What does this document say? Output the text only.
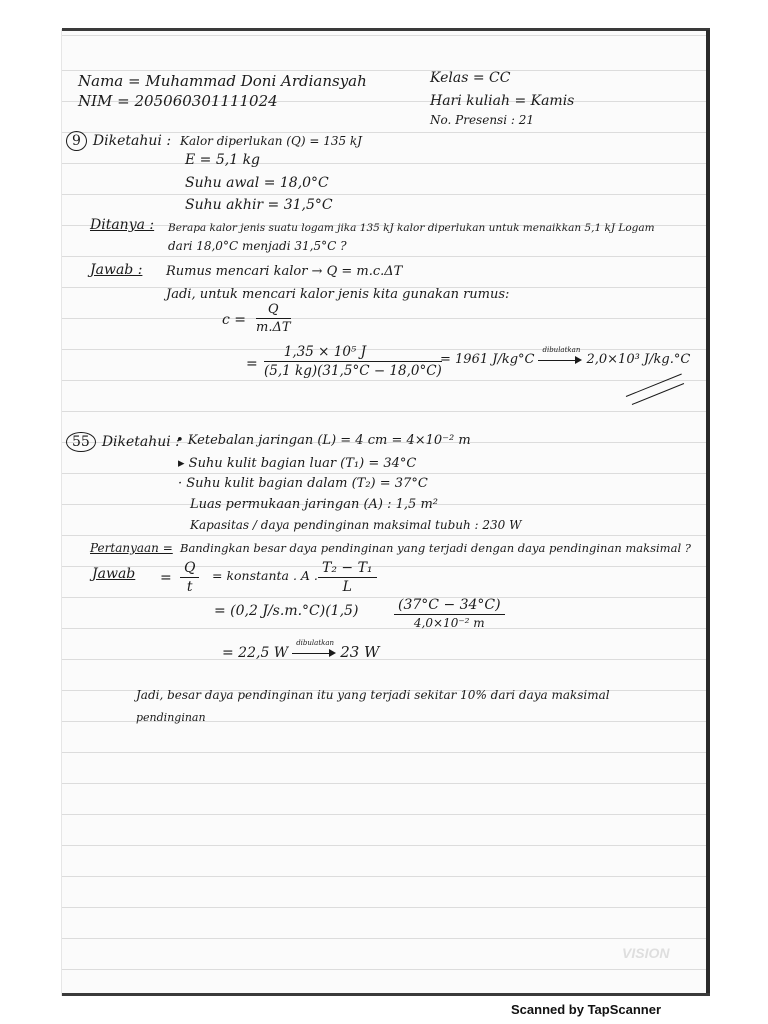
Nama = Muhammad Doni Ardiansyah
NIM = 205060301111024
Kelas = CC
Hari kuliah = Kamis
No. Presensi : 21
9 Diketahui : Kalor diperlukan (Q) = 135 kJ
E = 5,1 kg
Suhu awal = 18,0°C
Suhu akhir = 31,5°C
Ditanya : Berapa kalor jenis suatu logam jika 135 kJ kalor diperlukan untuk menaikkan 5,1 kJ Logam
dari 18,0°C menjadi 31,5°C ?
Jawab : Rumus mencari kalor → Q = m.c.ΔT
Jadi, untuk mencari kalor jenis kita gunakan rumus:
$c = \frac{Q}{m.\Delta T}$
= $\frac{\text{1,35 × 10⁵ J}}{(5,1 kg)(31,5^\circ C - 18,0^\circ C)}$
= 1961 J/kg°C
dibulatkan
2,0×10³ J/kg.°C
55 Diketahui :
• Ketebalan jaringan (L) = 4 cm = 4×10⁻² m
▸ Suhu kulit bagian luar (T₁) = 34°C
· Suhu kulit bagian dalam (T₂) = 37°C
Luas permukaan jaringan (A) : 1,5 m²
Kapasitas / daya pendinginan maksimal tubuh : 230 W
Pertanyaan = Bandingkan besar daya pendinginan yang terjadi dengan daya pendinginan maksimal ?
Jawab = $\frac{Q}{t}$ = konstanta . A . $\frac{\text{T₂ − T₁}}{L}$
= (0,2 J/s.m.°C)(1,5)	$\frac{(37^\circ C - 34^\circ C)}{\text{4,0×10⁻² m}}$
= 22,5 W
dibulatkan 23 W
Jadi, besar daya pendinginan itu yang terjadi sekitar 10% dari daya maksimal
pendinginan
VISION
Scanned by TapScanner
